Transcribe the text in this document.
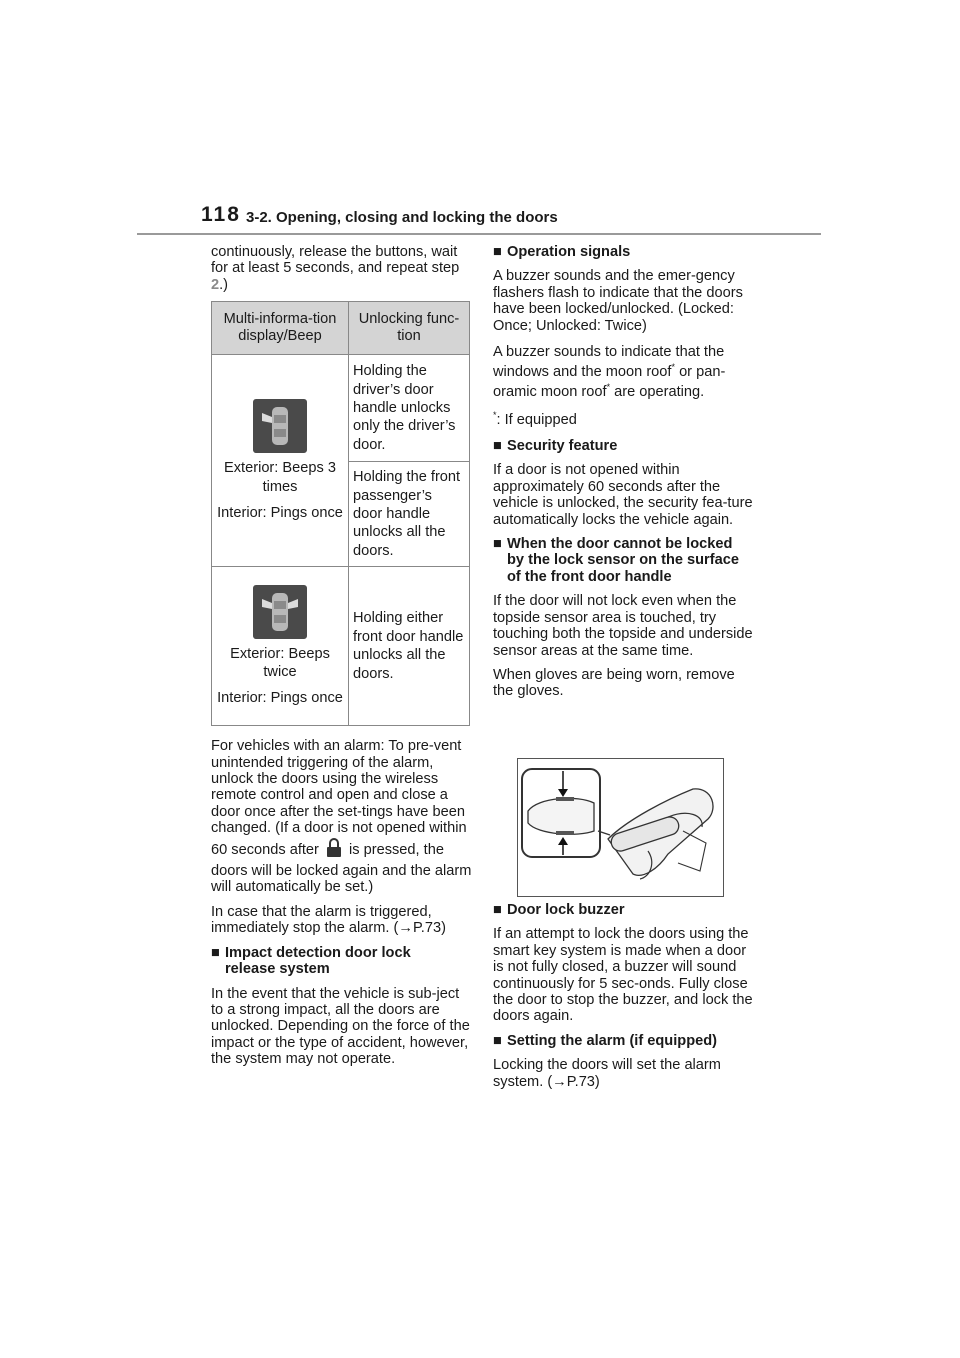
118 3-2. Opening, closing and locking the doors

continuously, release the buttons, wait for at least 5 seconds, and repeat step 2.)

Multi-informa-tion display/Beep	Unlocking func-tion

Exterior: Beeps 3 times
Interior: Pings once	Holding the driver’s door handle unlocks only the driver’s door.
	Holding the front passenger’s door handle unlocks all the doors.

Exterior: Beeps twice
Interior: Pings once	Holding either front door handle unlocks all the doors.

For vehicles with an alarm: To pre-vent unintended triggering of the alarm, unlock the doors using the wireless remote control and open and close a door once after the set-tings have been changed. (If a door is not opened within 60 seconds after is pressed, the doors will be locked again and the alarm will automatically be set.)

In case that the alarm is triggered, immediately stop the alarm. (→P.73)

■ Impact detection door lock release system

In the event that the vehicle is sub-ject to a strong impact, all the doors are unlocked. Depending on the force of the impact or the type of accident, however, the system may not operate.

■ Operation signals

A buzzer sounds and the emer-gency flashers flash to indicate that the doors have been locked/unlocked. (Locked: Once; Unlocked: Twice)

A buzzer sounds to indicate that the windows and the moon roof* or pan-oramic moon roof* are operating.

*: If equipped

■ Security feature

If a door is not opened within approximately 60 seconds after the vehicle is unlocked, the security fea-ture automatically locks the vehicle again.

■ When the door cannot be locked by the lock sensor on the surface of the front door handle

If the door will not lock even when the topside sensor area is touched, try touching both the topside and underside sensor areas at the same time.

When gloves are being worn, remove the gloves.

■ Door lock buzzer

If an attempt to lock the doors using the smart key system is made when a door is not fully closed, a buzzer will sound continuously for 5 sec-onds. Fully close the door to stop the buzzer, and lock the doors again.

■ Setting the alarm (if equipped)

Locking the doors will set the alarm system. (→P.73)
